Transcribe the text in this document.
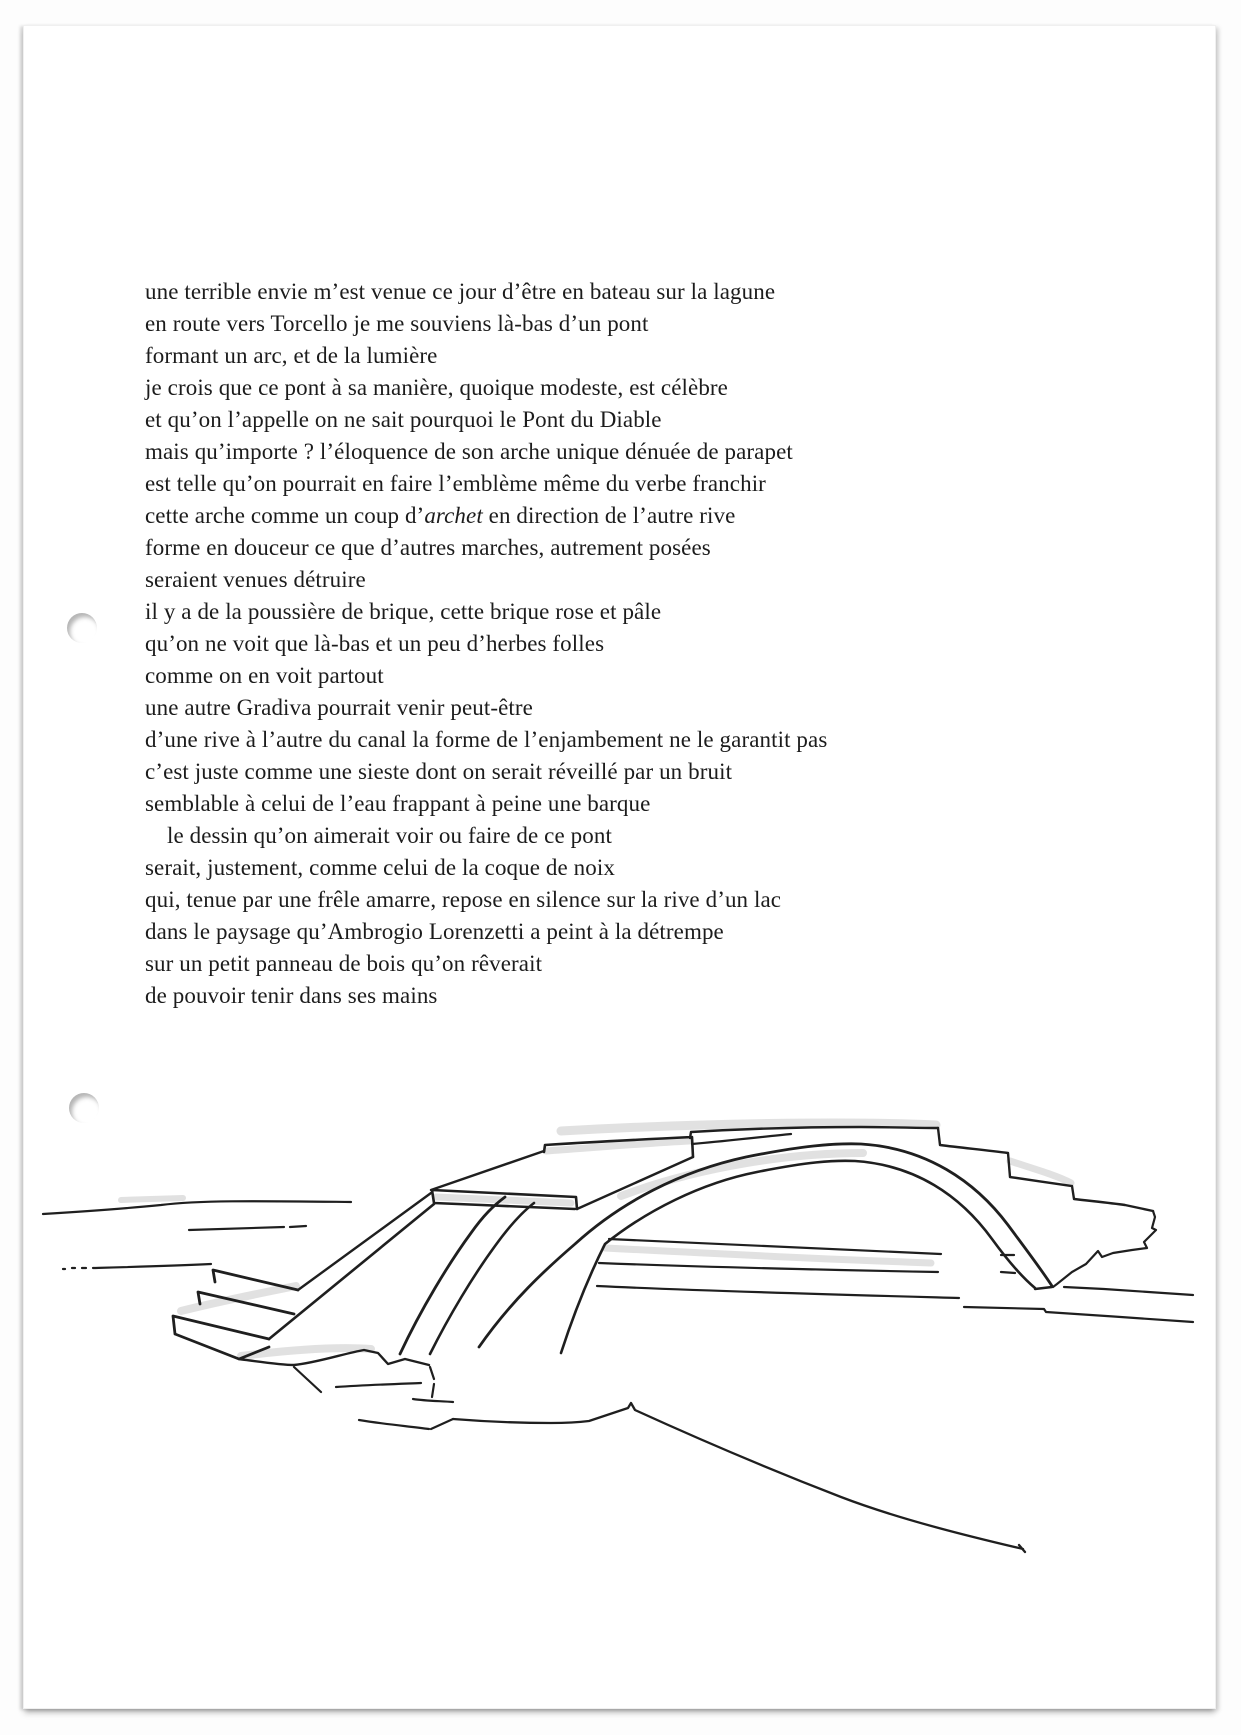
une terrible envie m’est venue ce jour d’être en bateau sur la lagune
en route vers Torcello je me souviens là-bas d’un pont
formant un arc, et de la lumière
je crois que ce pont à sa manière, quoique modeste, est célèbre
et qu’on l’appelle on ne sait pourquoi le Pont du Diable
mais qu’importe ? l’éloquence de son arche unique dénuée de parapet
est telle qu’on pourrait en faire l’emblème même du verbe franchir
cette arche comme un coup d’archet en direction de l’autre rive
forme en douceur ce que d’autres marches, autrement posées
seraient venues détruire
il y a de la poussière de brique, cette brique rose et pâle
qu’on ne voit que là-bas et un peu d’herbes folles
comme on en voit partout
une autre Gradiva pourrait venir peut-être
d’une rive à l’autre du canal la forme de l’enjambement ne le garantit pas
c’est juste comme une sieste dont on serait réveillé par un bruit
semblable à celui de l’eau frappant à peine une barque
le dessin qu’on aimerait voir ou faire de ce pont
serait, justement, comme celui de la coque de noix
qui, tenue par une frêle amarre, repose en silence sur la rive d’un lac
dans le paysage qu’Ambrogio Lorenzetti a peint à la détrempe
sur un petit panneau de bois qu’on rêverait
de pouvoir tenir dans ses mains
